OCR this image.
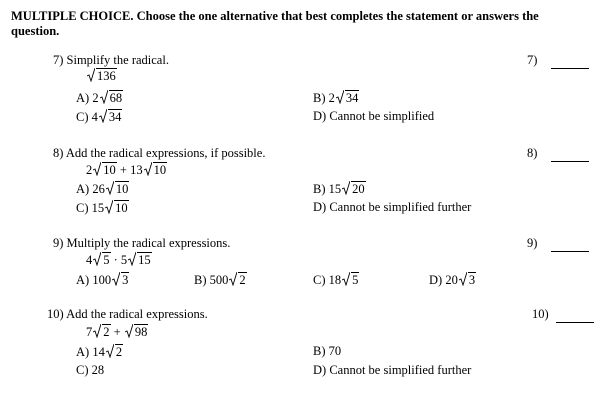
MULTIPLE CHOICE. Choose the one alternative that best completes the statement or answers the
question.
7) Simplify the radical.	7)
136
A) 2 68	B) 2 34
C) 4 34	D) Cannot be simplified
8) Add the radical expressions, if possible.	8)
2 10 + 13 10
A) 26 10	B) 15 20
C) 15 10	D) Cannot be simplified further
9) Multiply the radical expressions.	9)
4 5 · 5 15
A) 100 3	B) 500 2	C) 18 5	D) 20 3
10) Add the radical expressions.	10)
7 2 + 98
A) 14 2	B) 70
C) 28	D) Cannot be simplified further
